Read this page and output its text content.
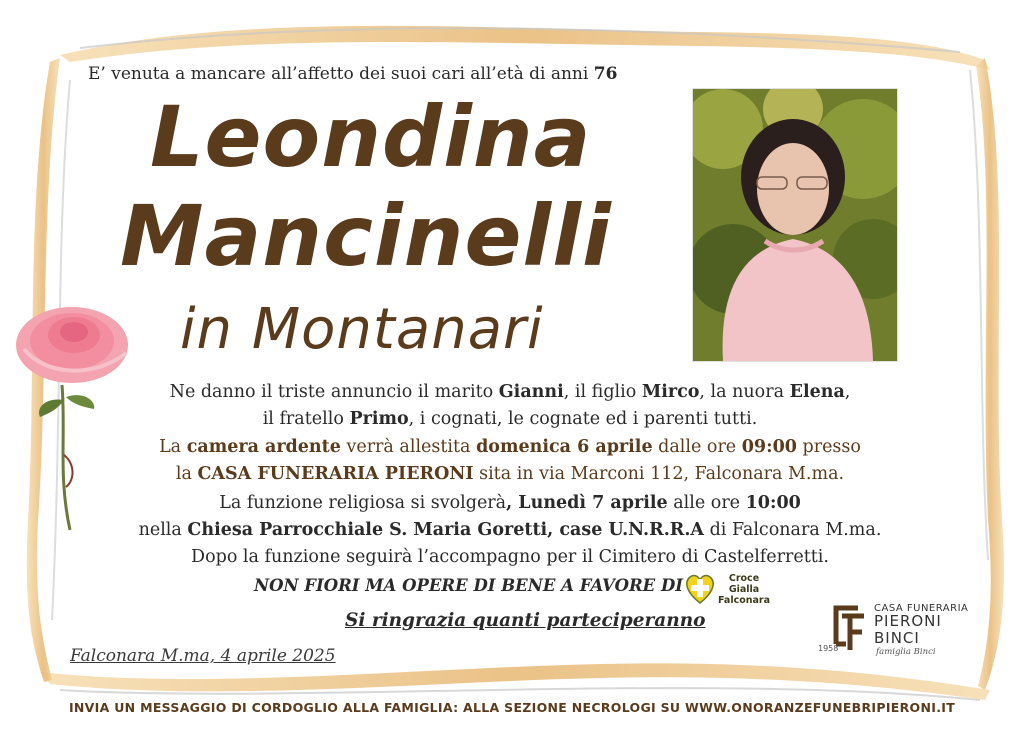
E’ venuta a mancare all’affetto dei suoi cari all’età di anni 76
Leondina
Mancinelli
in Montanari
Ne danno il triste annuncio il marito Gianni, il figlio Mirco, la nuora Elena,
il fratello Primo, i cognati, le cognate ed i parenti tutti.
La camera ardente verrà allestita domenica 6 aprile dalle ore 09:00 presso
la CASA FUNERARIA PIERONI sita in via Marconi 112, Falconara M.ma.
La funzione religiosa si svolgerà, Lunedì 7 aprile alle ore 10:00
nella Chiesa Parrocchiale S. Maria Goretti, case U.N.R.R.A di Falconara M.ma.
Dopo la funzione seguirà l’accompagno per il Cimitero di Castelferretti.
NON FIORI MA OPERE DI BENE A FAVORE DI	Croce
Gialla
Falconara
Si ringrazia quanti parteciperanno
Falconara M.ma, 4 aprile 2025	1958
CASA FUNERARIA
PIERONI
BINCI
famiglia Binci
INVIA UN MESSAGGIO DI CORDOGLIO ALLA FAMIGLIA: ALLA SEZIONE NECROLOGI SU WWW.ONORANZEFUNEBRIPIERONI.IT
